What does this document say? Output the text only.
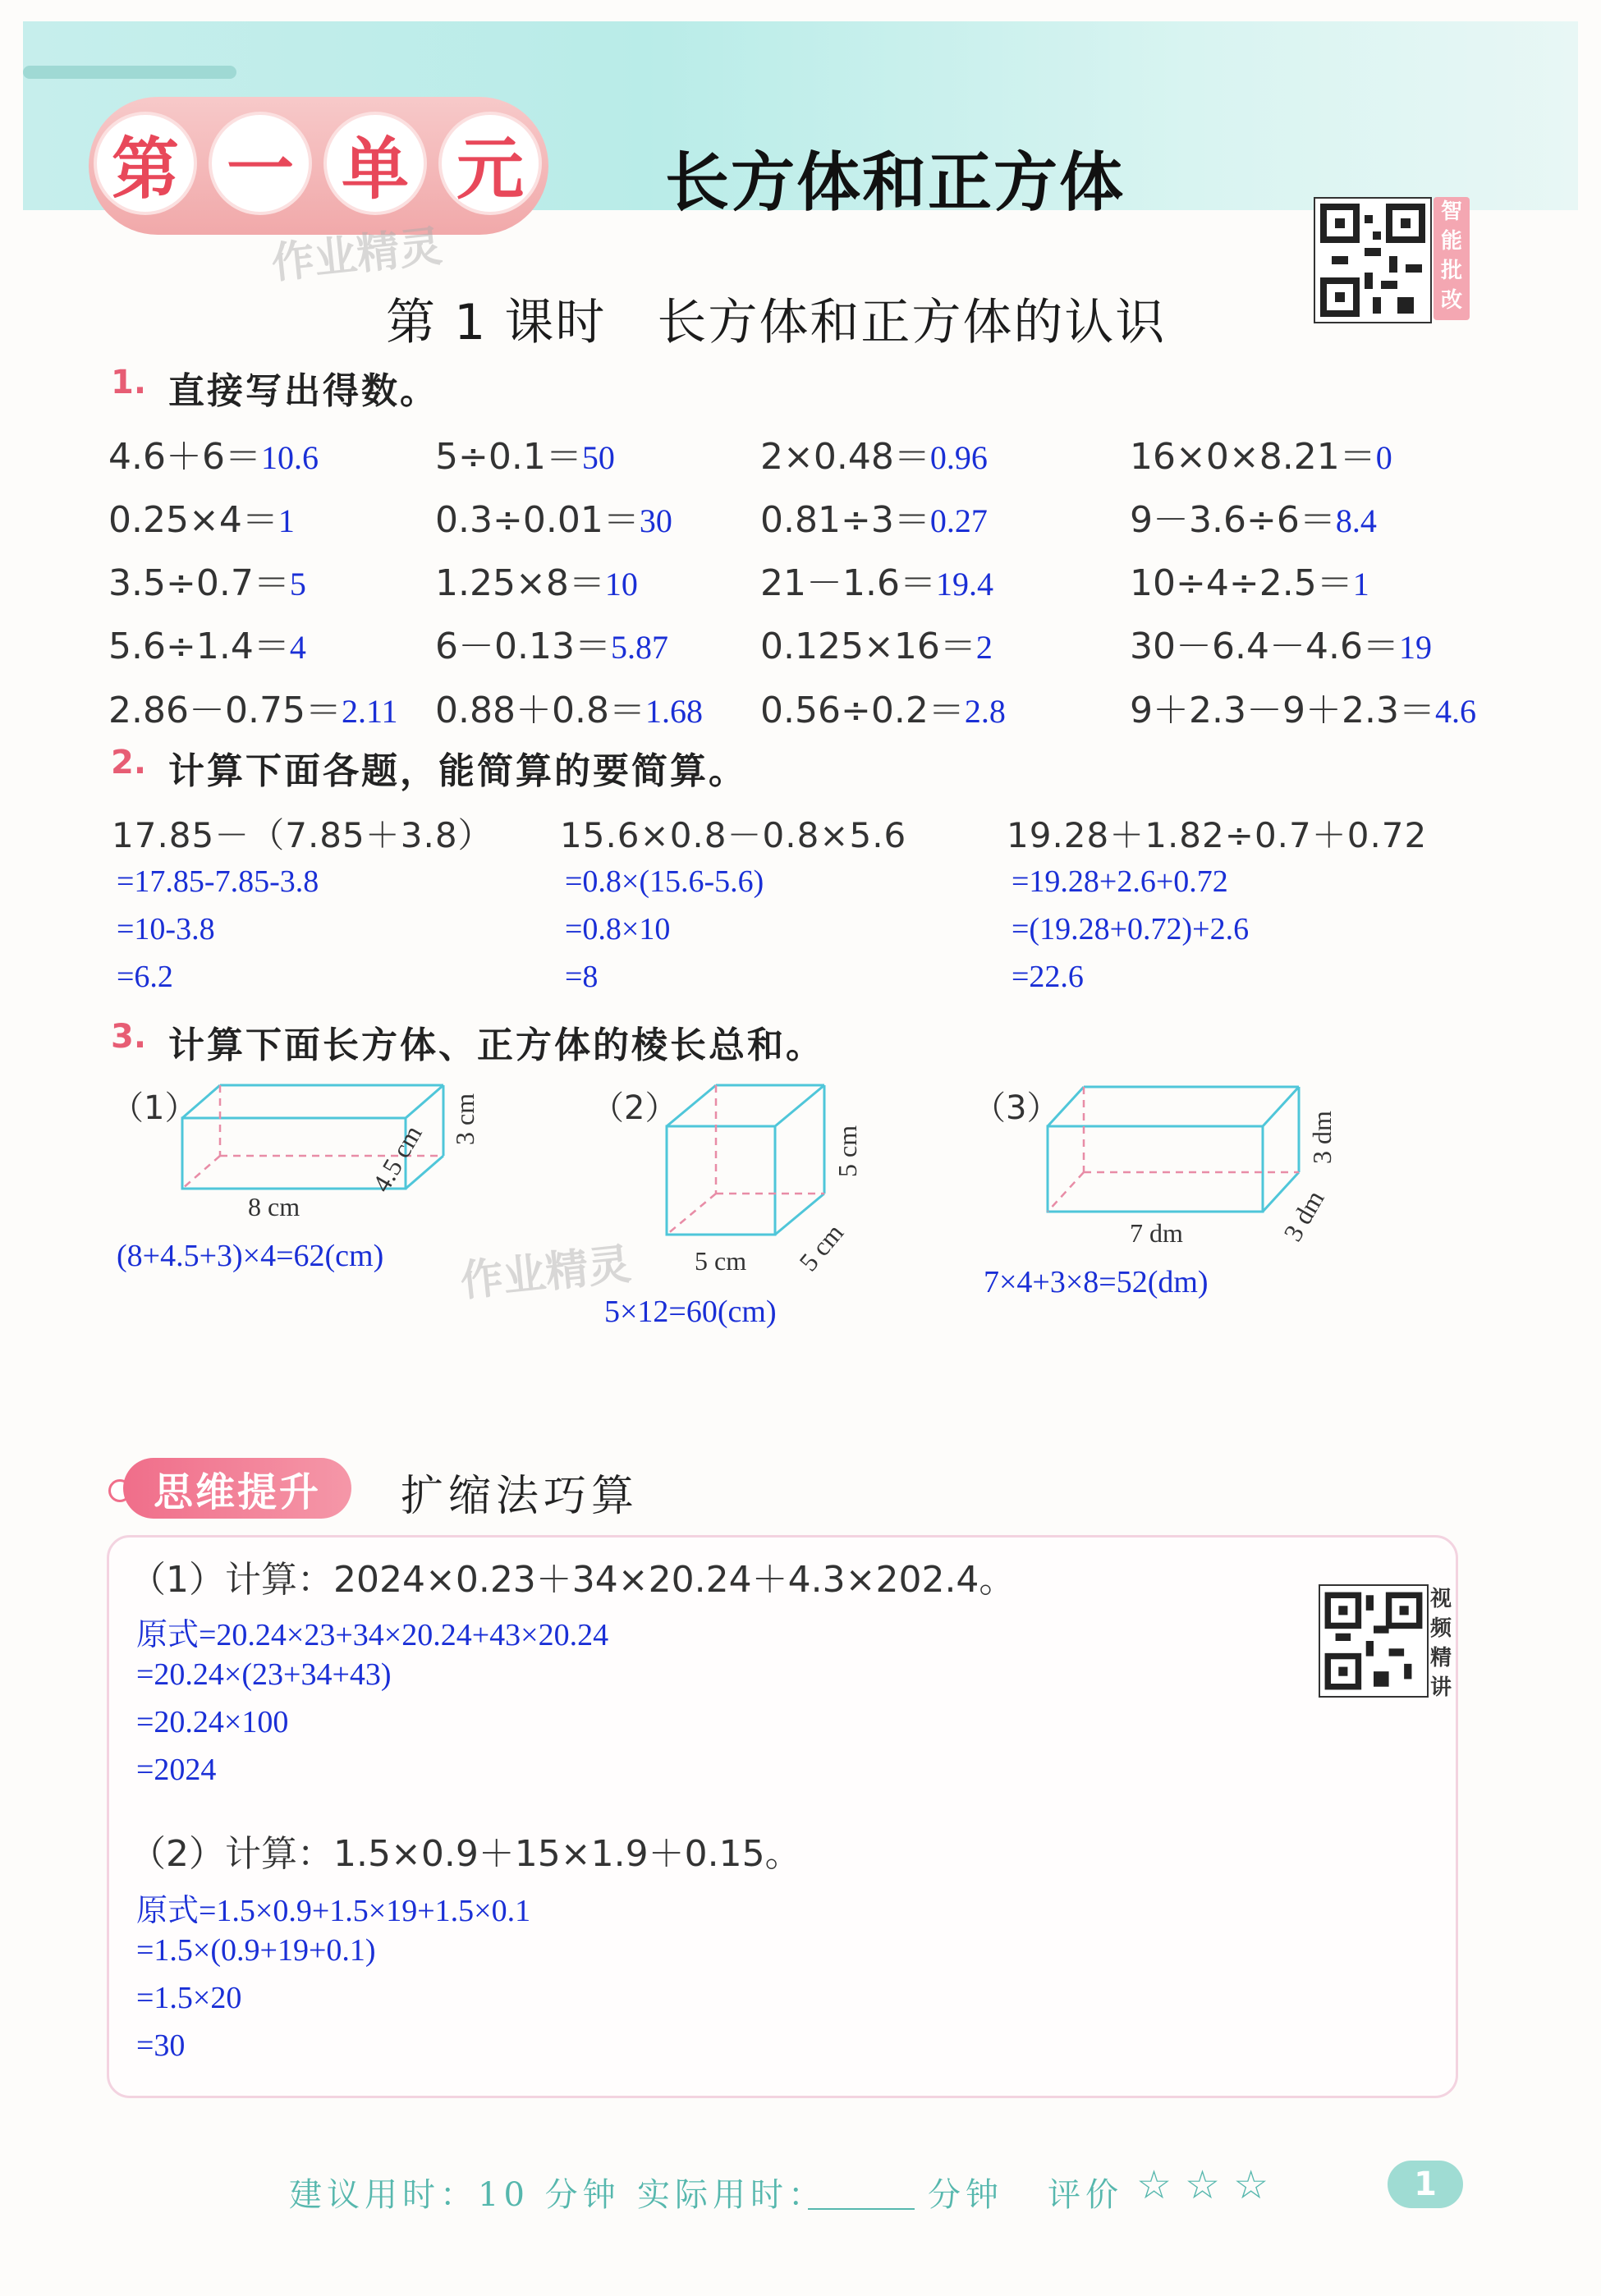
第 一 单 元 长方体和正方体
作业精灵
智
能
批
改
第 1 课时　长方体和正方体的认识
1. 直接写出得数。
4.6＋6＝10.6	5÷0.1＝50	2×0.48＝0.96	16×0×8.21＝0
0.25×4＝1	0.3÷0.01＝30 0.81÷3＝0.27	9－3.6÷6＝8.4
3.5÷0.7＝5	1.25×8＝10	21－1.6＝19.4	10÷4÷2.5＝1
5.6÷1.4＝4	6－0.13＝5.87	0.125×16＝2	30－6.4－4.6＝19
2.86－0.75＝2.11 0.88＋0.8＝1.68 0.56÷0.2＝2.8	9＋2.3－9＋2.3＝4.6
2. 计算下面各题，能简算的要简算。
17.85－（7.85＋3.8）
=17.85-7.85-3.8
=10-3.8
=6.2
15.6×0.8－0.8×5.6
=0.8×(15.6-5.6)
=0.8×10
=8
19.28＋1.82÷0.7＋0.72
=19.28+2.6+0.72
=(19.28+0.72)+2.6
=22.6
3. 计算下面长方体、正方体的棱长总和。
（1）	（2）	（3）
8 cm
4.5 cm
3 cm
5 cm 5 cm
5 cm
7 dm	3 dm
3 dm
作业精灵
(8+4.5+3)×4=62(cm)
5×12=60(cm)
7×4+3×8=52(dm)
思维提升	扩缩法巧算
（1）计算：2024×0.23＋34×20.24＋4.3×202.4。
原式=20.24×23+34×20.24+43×20.24
=20.24×(23+34+43)
=20.24×100
=2024
（2）计算：1.5×0.9＋15×1.9＋0.15。
原式=1.5×0.9+1.5×19+1.5×0.1
=1.5×(0.9+19+0.1)
=1.5×20
=30
视
频
精
讲
建议用时：10 分钟 实际用时：	分钟 评价 ☆☆☆	1
